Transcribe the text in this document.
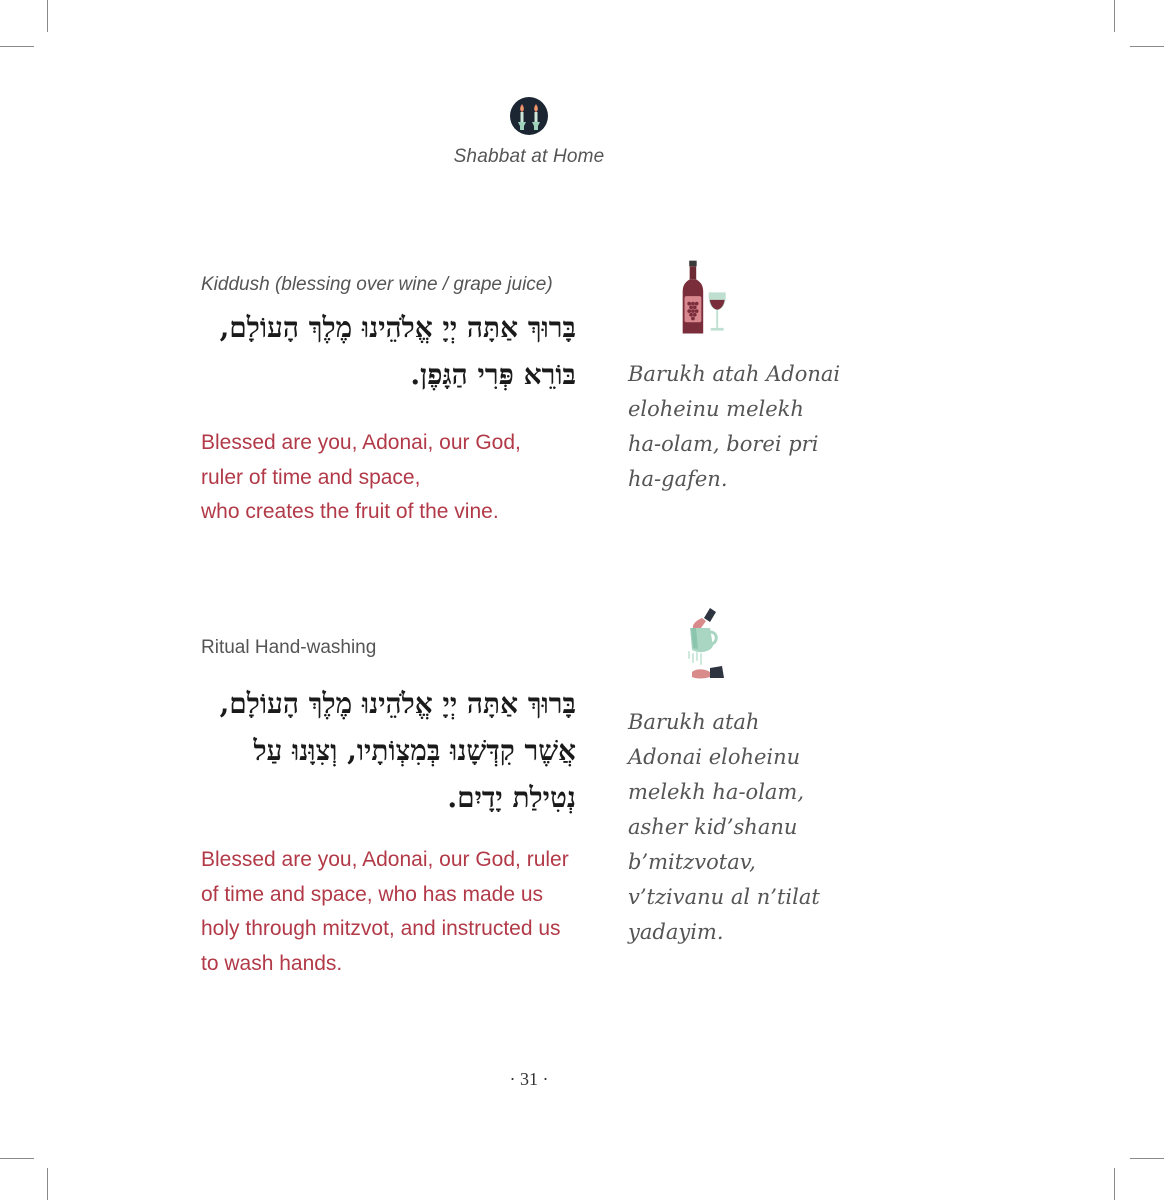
Shabbat at Home
Kiddush (blessing over wine / grape juice)
בָּרוּךְ אַתָּה יְיָ אֱלֹהֵינוּ מֶלֶךְ הָעוֹלָם,
בּוֹרֵא פְּרִי הַגָּפֶן.
Blessed are you, Adonai, our God,
ruler of time and space,
who creates the fruit of the vine.
Barukh atah Adonai
eloheinu melekh
ha-olam, borei pri
ha-gafen.
Ritual Hand-washing
בָּרוּךְ אַתָּה יְיָ אֱלֹהֵינוּ מֶלֶךְ הָעוֹלָם,
אֲשֶׁר קִדְּשָׁנוּ בְּמִצְוֹתָיו, וְצִוָּנוּ עַל
נְטִילַת יָדָיִם.
Blessed are you, Adonai, our God, ruler
of time and space, who has made us
holy through mitzvot, and instructed us
to wash hands.
Barukh atah
Adonai eloheinu
melekh ha-olam,
asher kid’shanu
b’mitzvotav,
v’tzivanu al n’tilat
yadayim.
· 31 ·
